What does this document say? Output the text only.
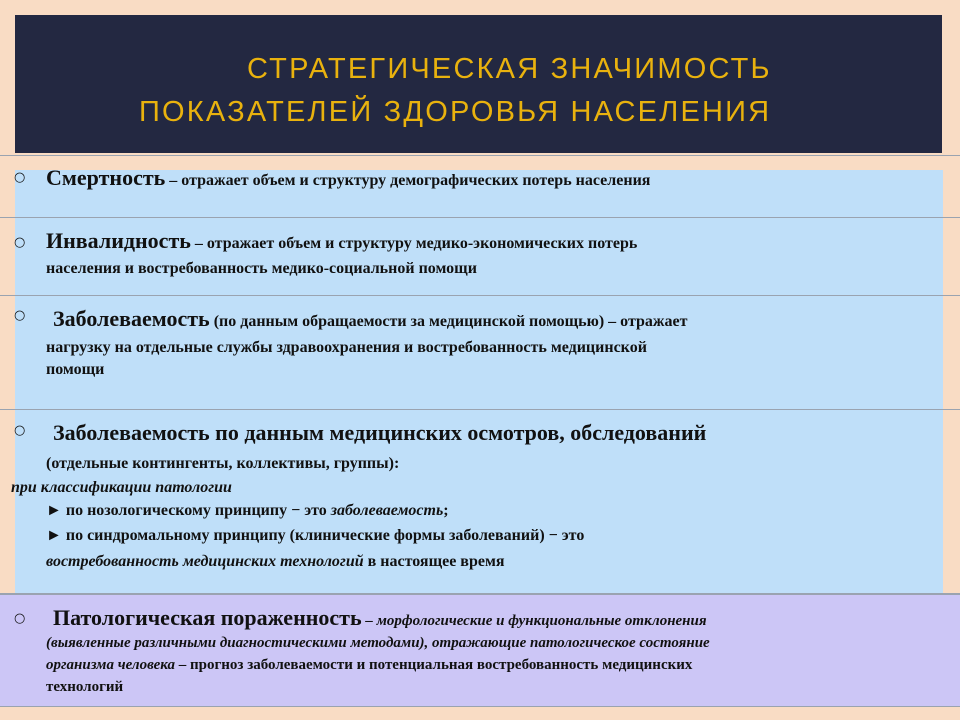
СТРАТЕГИЧЕСКАЯ ЗНАЧИМОСТЬ
ПОКАЗАТЕЛЕЙ ЗДОРОВЬЯ НАСЕЛЕНИЯ
○ Смертность – отражает объем и структуру демографических потерь населения
○ Инвалидность – отражает объем и структуру медико-экономических потерь
населения и востребованность медико-социальной помощи
○ Заболеваемость (по данным обращаемости за медицинской помощью) – отражает
нагрузку на отдельные службы здравоохранения и востребованность медицинской
помощи
○ Заболеваемость по данным медицинских осмотров, обследований
(отдельные контингенты, коллективы, группы):
при классификации патологии
► по нозологическому принципу − это заболеваемость;
► по синдромальному принципу (клинические формы заболеваний) − это
востребованность медицинских технологий в настоящее время
○ Патологическая пораженность – морфологические и функциональные отклонения
(выявленные различными диагностическими методами), отражающие патологическое состояние
организма человека – прогноз заболеваемости и потенциальная востребованность медицинских
технологий
